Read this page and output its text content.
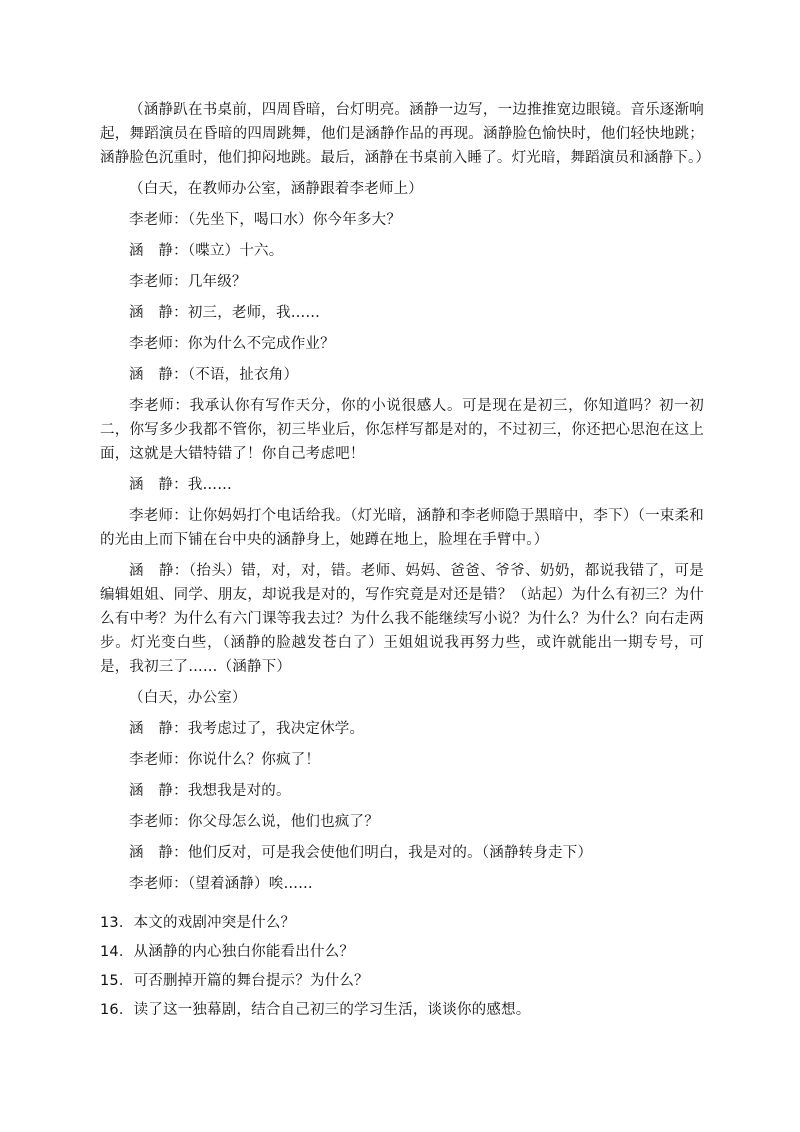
（涵静趴在书桌前，四周昏暗，台灯明亮。涵静一边写，一边推推宽边眼镜。音乐逐渐响起，舞蹈演员在昏暗的四周跳舞，他们是涵静作品的再现。涵静脸色愉快时，他们轻快地跳；涵静脸色沉重时，他们抑闷地跳。最后，涵静在书桌前入睡了。灯光暗，舞蹈演员和涵静下。）

（白天，在教师办公室，涵静跟着李老师上）

李老师：（先坐下，喝口水）你今年多大？

涵　静：（喋立）十六。

李老师：几年级？

涵　静：初三，老师，我……

李老师：你为什么不完成作业？

涵　静：（不语，扯衣角）

李老师：我承认你有写作天分，你的小说很感人。可是现在是初三，你知道吗？初一初二，你写多少我都不管你，初三毕业后，你怎样写都是对的，不过初三，你还把心思泡在这上面，这就是大错特错了！你自己考虑吧！

涵　静：我……

李老师：让你妈妈打个电话给我。（灯光暗，涵静和李老师隐于黑暗中，李下）（一束柔和的光由上而下铺在台中央的涵静身上，她蹲在地上，脸埋在手臂中。）

涵　静：（抬头）错，对，对，错。老师、妈妈、爸爸、爷爷、奶奶，都说我错了，可是编辑姐姐、同学、朋友，却说我是对的，写作究竟是对还是错？（站起）为什么有初三？为什么有中考？为什么有六门课等我去过？为什么我不能继续写小说？为什么？为什么？向右走两步。灯光变白些，（涵静的脸越发苍白了）王姐姐说我再努力些，或许就能出一期专号，可是，我初三了……（涵静下）

（白天，办公室）

涵　静：我考虑过了，我决定休学。

李老师：你说什么？你疯了！

涵　静：我想我是对的。

李老师：你父母怎么说，他们也疯了？

涵　静：他们反对，可是我会使他们明白，我是对的。（涵静转身走下）

李老师：（望着涵静）唉……

13．本文的戏剧冲突是什么？

14．从涵静的内心独白你能看出什么？

15．可否删掉开篇的舞台提示？为什么？

16．读了这一独幕剧，结合自己初三的学习生活，谈谈你的感想。
